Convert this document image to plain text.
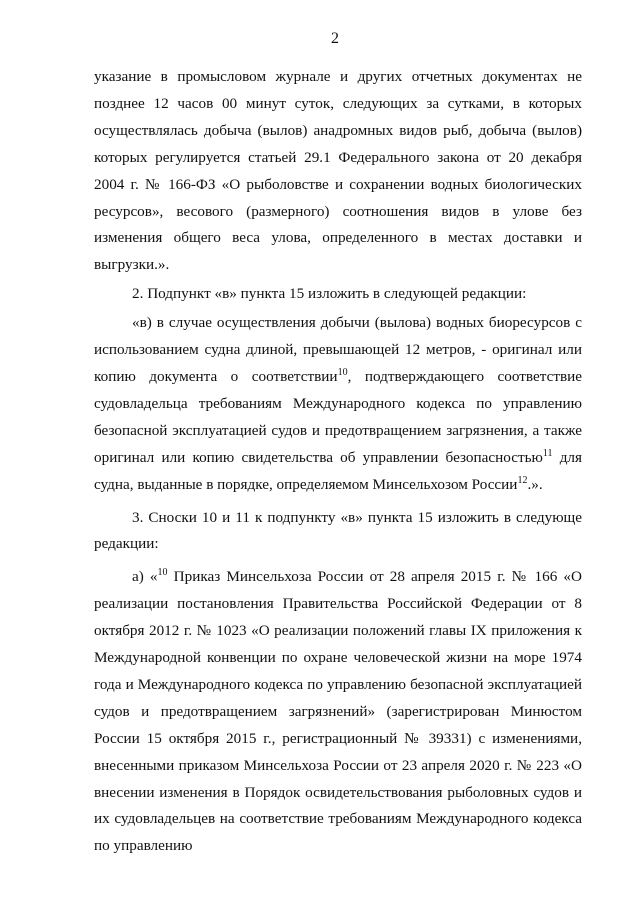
2

указание в промысловом журнале и других отчетных документах не позднее 12 часов 00 минут суток, следующих за сутками, в которых осуществлялась добыча (вылов) анадромных видов рыб, добыча (вылов) которых регулируется статьей 29.1 Федерального закона от 20 декабря 2004 г. № 166-ФЗ «О рыболовстве и сохранении водных биологических ресурсов», весового (размерного) соотношения видов в улове без изменения общего веса улова, определенного в местах доставки и выгрузки.».

2. Подпункт «в» пункта 15 изложить в следующей редакции:

«в) в случае осуществления добычи (вылова) водных биоресурсов с использованием судна длиной, превышающей 12 метров, - оригинал или копию документа о соответствии$^{10}$, подтверждающего соответствие судовладельца требованиям Международного кодекса по управлению безопасной эксплуатацией судов и предотвращением загрязнения, а также оригинал или копию свидетельства об управлении безопасностью$^{11}$ для судна, выданные в порядке, определяемом Минсельхозом России$^{12}$.».

3. Сноски 10 и 11 к подпункту «в» пункта 15 изложить в следующе редакции:

а) «$^{10}$ Приказ Минсельхоза России от 28 апреля 2015 г. № 166 «О реализации постановления Правительства Российской Федерации от 8 октября 2012 г. № 1023 «О реализации положений главы IX приложения к Международной конвенции по охране человеческой жизни на море 1974 года и Международного кодекса по управлению безопасной эксплуатацией судов и предотвращением загрязнений» (зарегистрирован Минюстом России 15 октября 2015 г., регистрационный № 39331) с изменениями, внесенными приказом Минсельхоза России от 23 апреля 2020 г. № 223 «О внесении изменения в Порядок освидетельствования рыболовных судов и их судовладельцев на соответствие требованиям Международного кодекса по управлению
